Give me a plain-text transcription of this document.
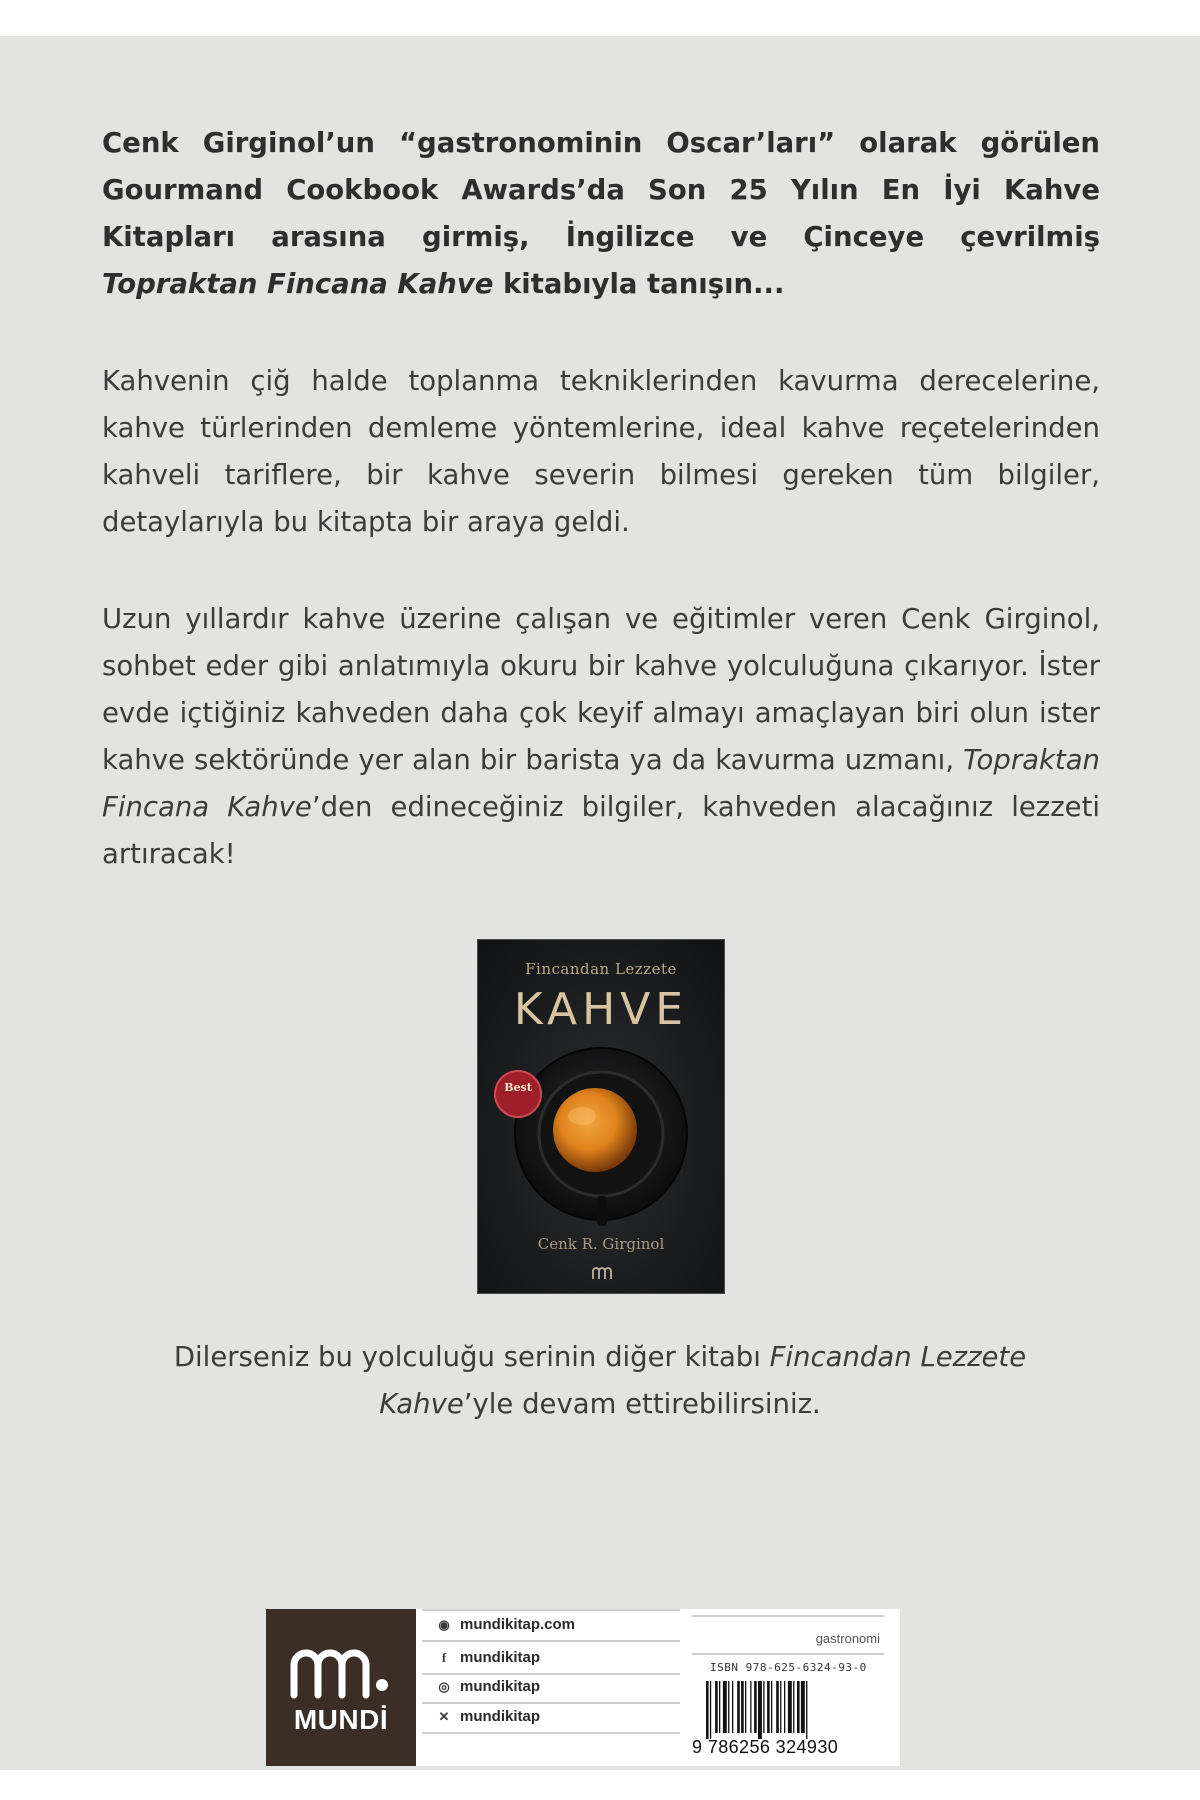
Cenk Girginol’un “gastronominin Oscar’ları” olarak görülen Gourmand Cookbook Awards’da Son 25 Yılın En İyi Kahve Kitapları arasına girmiş, İngilizce ve Çinceye çevrilmiş Topraktan Fincana Kahve kitabıyla tanışın...
Kahvenin çiğ halde toplanma tekniklerinden kavurma derecelerine, kahve türlerinden demleme yöntemlerine, ideal kahve reçetelerinden kahveli tariflere, bir kahve severin bilmesi gereken tüm bilgiler, detaylarıyla bu kitapta bir araya geldi.
Uzun yıllardır kahve üzerine çalışan ve eğitimler veren Cenk Girginol, sohbet eder gibi anlatımıyla okuru bir kahve yolculuğuna çıkarıyor. İster evde içtiğiniz kahveden daha çok keyif almayı amaçlayan biri olun ister kahve sektöründe yer alan bir barista ya da kavurma uzmanı, Topraktan Fincana Kahve’den edineceğiniz bilgiler, kahveden alacağınız lezzeti artıracak!
Fincandan Lezzete
KAHVE
Best
Cenk R. Girginol
Dilerseniz bu yolculuğu serinin diğer kitabı Fincandan Lezzete Kahve’yle devam ettirebilirsiniz.
MUNDİ
◉ mundikitap.com
f mundikitap
◎ mundikitap
✕ mundikitap
gastronomi
ISBN 978-625-6324-93-0
9 786256 324930
